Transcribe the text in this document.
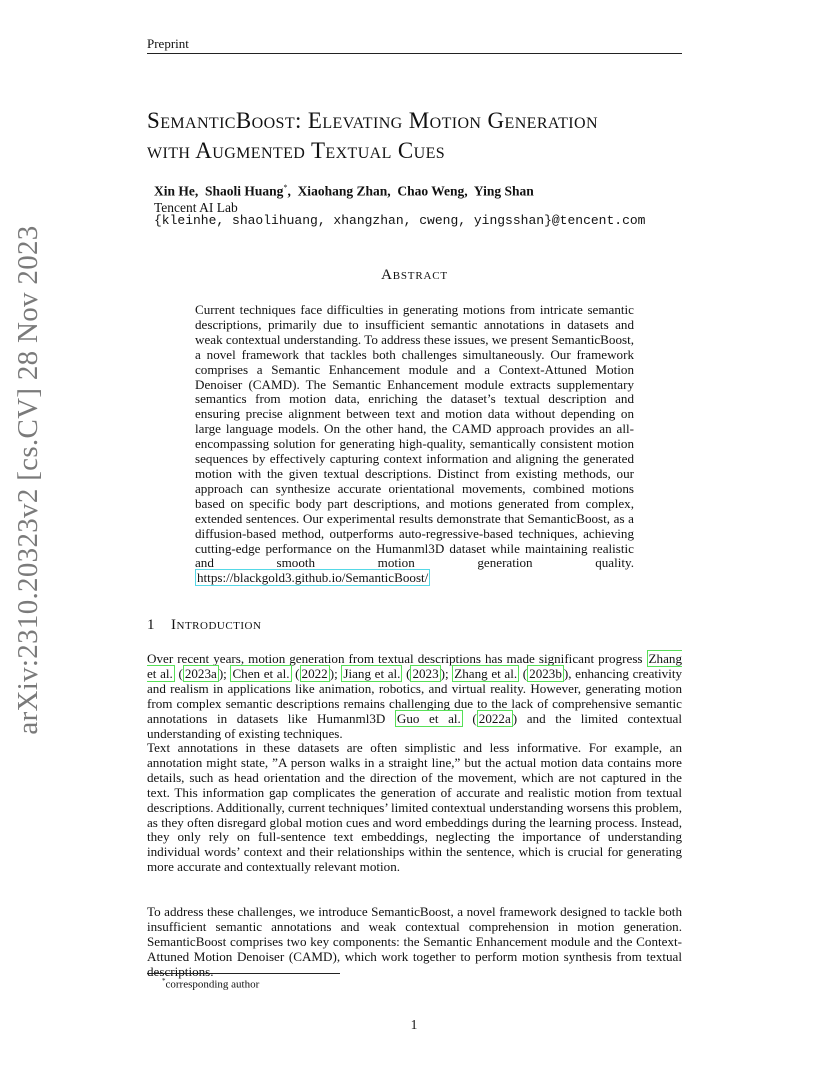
Preprint
arXiv:2310.20323v2 [cs.CV] 28 Nov 2023
SemanticBoost: Elevating Motion Generation
with Augmented Textual Cues
Xin He,  Shaoli Huang*,  Xiaohang Zhan,  Chao Weng,  Ying Shan
Tencent AI Lab
{kleinhe, shaolihuang, xhangzhan, cweng, yingsshan}@tencent.com
Abstract
Current techniques face difficulties in generating motions from intricate semantic descriptions, primarily due to insufficient semantic annotations in datasets and weak contextual understanding. To address these issues, we present SemanticBoost, a novel framework that tackles both challenges simultaneously. Our framework comprises a Semantic Enhancement module and a Context-Attuned Motion Denoiser (CAMD). The Semantic Enhancement module extracts supplementary semantics from motion data, enriching the dataset’s textual description and ensuring precise alignment between text and motion data without depending on large language models. On the other hand, the CAMD approach provides an all-encompassing solution for generating high-quality, semantically consistent motion sequences by effectively capturing context information and aligning the generated motion with the given textual descriptions. Distinct from existing methods, our approach can synthesize accurate orientational movements, combined motions based on specific body part descriptions, and motions generated from complex, extended sentences. Our experimental results demonstrate that SemanticBoost, as a diffusion-based method, outperforms auto-regressive-based techniques, achieving cutting-edge performance on the Humanml3D dataset while maintaining realistic and smooth motion generation quality. https://blackgold3.github.io/SemanticBoost/
1 Introduction

Over recent years, motion generation from textual descriptions has made significant progress Zhang et al. ( 2023a ); Chen et al. ( 2022 ); Jiang et al. ( 2023 ); Zhang et al. ( 2023b ), enhancing creativity and realism in applications like animation, robotics, and virtual reality. However, generating motion from complex semantic descriptions remains challenging due to the lack of comprehensive semantic annotations in datasets like Humanml3D Guo et al. ( 2022a ) and the limited contextual understanding of existing techniques.

Text annotations in these datasets are often simplistic and less informative. For example, an annotation might state, ”A person walks in a straight line,” but the actual motion data contains more details, such as head orientation and the direction of the movement, which are not captured in the text. This information gap complicates the generation of accurate and realistic motion from textual descriptions. Additionally, current techniques’ limited contextual understanding worsens this problem, as they often disregard global motion cues and word embeddings during the learning process. Instead, they only rely on full-sentence text embeddings, neglecting the importance of understanding individual words’ context and their relationships within the sentence, which is crucial for generating more accurate and contextually relevant motion.

To address these challenges, we introduce SemanticBoost, a novel framework designed to tackle both insufficient semantic annotations and weak contextual comprehension in motion generation. SemanticBoost comprises two key components: the Semantic Enhancement module and the Context-Attuned Motion Denoiser (CAMD), which work together to perform motion synthesis from textual descriptions.

*corresponding author
1
